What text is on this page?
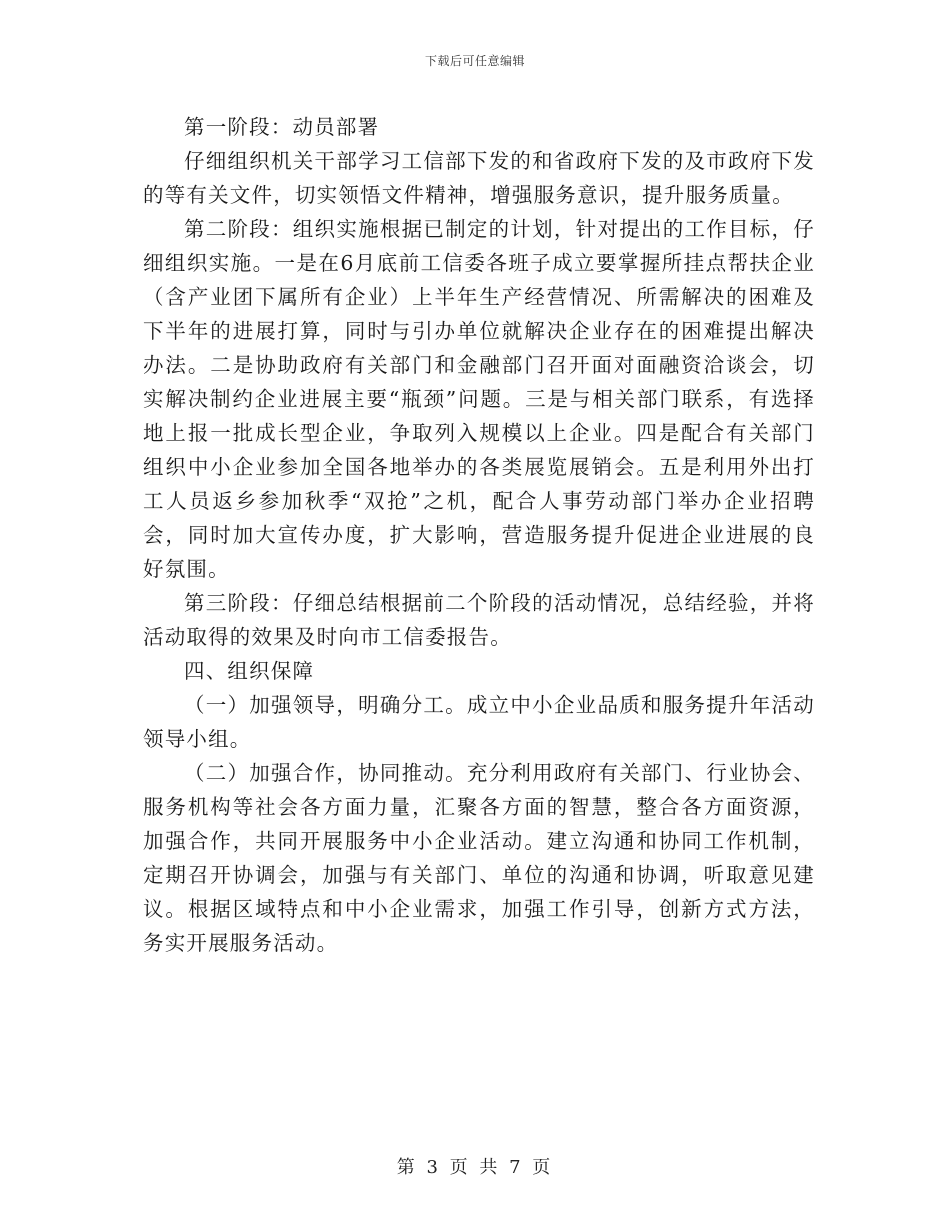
下载后可任意编辑

第一阶段：动员部署

仔细组织机关干部学习工信部下发的和省政府下发的及市政府下发的等有关文件，切实领悟文件精神，增强服务意识，提升服务质量。

第二阶段：组织实施根据已制定的计划，针对提出的工作目标，仔细组织实施。一是在6月底前工信委各班子成立要掌握所挂点帮扶企业（含产业团下属所有企业）上半年生产经营情况、所需解决的困难及下半年的进展打算，同时与引办单位就解决企业存在的困难提出解决办法。二是协助政府有关部门和金融部门召开面对面融资洽谈会，切实解决制约企业进展主要“瓶颈”问题。三是与相关部门联系，有选择地上报一批成长型企业，争取列入规模以上企业。四是配合有关部门组织中小企业参加全国各地举办的各类展览展销会。五是利用外出打工人员返乡参加秋季“双抢”之机，配合人事劳动部门举办企业招聘会，同时加大宣传办度，扩大影响，营造服务提升促进企业进展的良好氛围。

第三阶段：仔细总结根据前二个阶段的活动情况，总结经验，并将活动取得的效果及时向市工信委报告。

四、组织保障

（一）加强领导，明确分工。成立中小企业品质和服务提升年活动领导小组。

（二）加强合作，协同推动。充分利用政府有关部门、行业协会、服务机构等社会各方面力量，汇聚各方面的智慧，整合各方面资源，加强合作，共同开展服务中小企业活动。建立沟通和协同工作机制，定期召开协调会，加强与有关部门、单位的沟通和协调，听取意见建议。根据区域特点和中小企业需求，加强工作引导，创新方式方法，务实开展服务活动。

第 3 页 共 7 页
